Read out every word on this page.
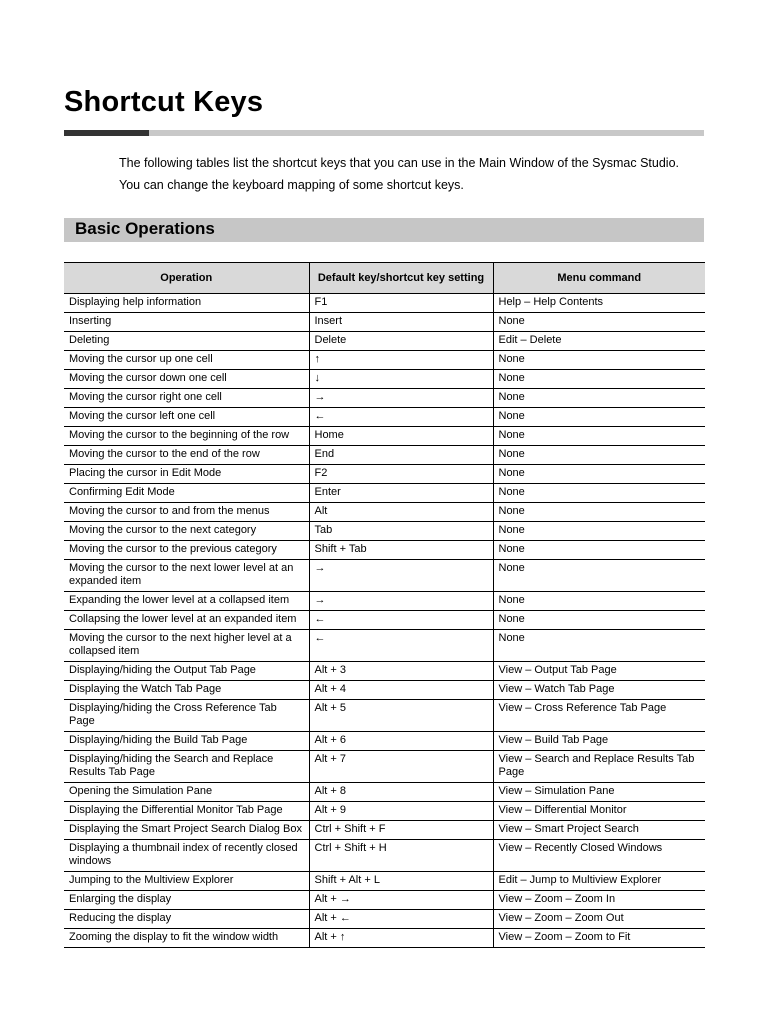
Shortcut Keys

The following tables list the shortcut keys that you can use in the Main Window of the Sysmac Studio.

You can change the keyboard mapping of some shortcut keys.

Basic Operations
Operation	Default key/shortcut key setting	Menu command
Displaying help information	F1	Help – Help Contents
Inserting	Insert	None
Deleting	Delete	Edit – Delete
Moving the cursor up one cell	↑	None
Moving the cursor down one cell	↓	None
Moving the cursor right one cell	→	None
Moving the cursor left one cell	←	None
Moving the cursor to the beginning of the row	Home	None
Moving the cursor to the end of the row	End	None
Placing the cursor in Edit Mode	F2	None
Confirming Edit Mode	Enter	None
Moving the cursor to and from the menus	Alt	None
Moving the cursor to the next category	Tab	None
Moving the cursor to the previous category	Shift + Tab	None
Moving the cursor to the next lower level at an expanded item	→	None
Expanding the lower level at a collapsed item	→	None
Collapsing the lower level at an expanded item	←	None
Moving the cursor to the next higher level at a collapsed item	←	None
Displaying/hiding the Output Tab Page	Alt + 3	View – Output Tab Page
Displaying the Watch Tab Page	Alt + 4	View – Watch Tab Page
Displaying/hiding the Cross Reference Tab Page	Alt + 5	View – Cross Reference Tab Page
Displaying/hiding the Build Tab Page	Alt + 6	View – Build Tab Page
Displaying/hiding the Search and Replace Results Tab Page	Alt + 7	View – Search and Replace Results Tab Page
Opening the Simulation Pane	Alt + 8	View – Simulation Pane
Displaying the Differential Monitor Tab Page	Alt + 9	View – Differential Monitor
Displaying the Smart Project Search Dialog Box	Ctrl + Shift + F	View – Smart Project Search
Displaying a thumbnail index of recently closed windows	Ctrl + Shift + H	View – Recently Closed Windows
Jumping to the Multiview Explorer	Shift + Alt + L	Edit – Jump to Multiview Explorer
Enlarging the display	Alt + →	View – Zoom – Zoom In
Reducing the display	Alt + ←	View – Zoom – Zoom Out
Zooming the display to fit the window width	Alt + ↑	View – Zoom – Zoom to Fit
